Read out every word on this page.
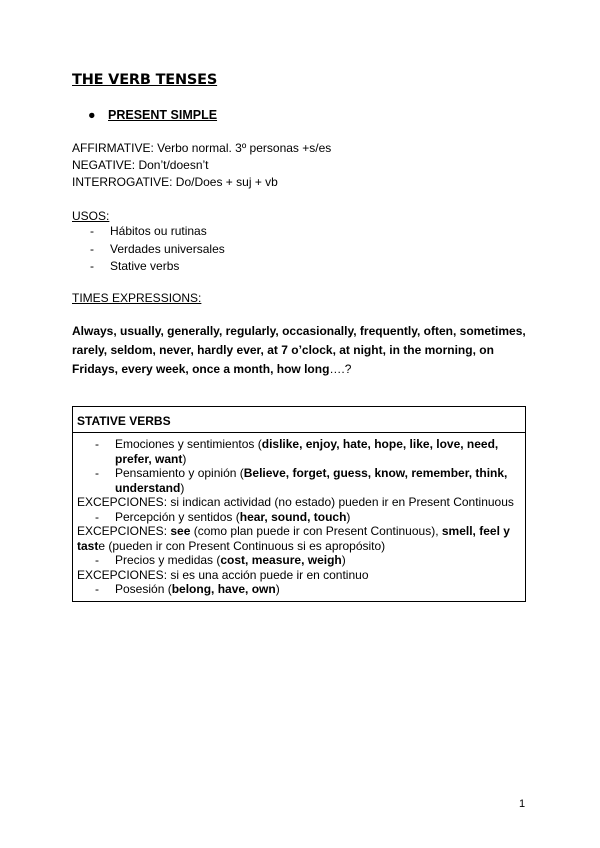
THE VERB TENSES
● PRESENT SIMPLE
AFFIRMATIVE: Verbo normal. 3º personas +s/es
NEGATIVE: Don’t/doesn’t
INTERROGATIVE: Do/Does + suj + vb
USOS:
- Hábitos ou rutinas
- Verdades universales
- Stative verbs
TIMES EXPRESSIONS:
Always, usually, generally, regularly, occasionally, frequently, often, sometimes, rarely, seldom, never, hardly ever, at 7 o’clock, at night, in the morning, on Fridays, every week, once a month, how long….?
STATIVE VERBS
- Emociones y sentimientos (dislike, enjoy, hate, hope, like, love, need, prefer, want)
- Pensamiento y opinión (Believe, forget, guess, know, remember, think, understand)
EXCEPCIONES: si indican actividad (no estado) pueden ir en Present Continuous
- Percepción y sentidos (hear, sound, touch)
EXCEPCIONES: see (como plan puede ir con Present Continuous), smell, feel y taste (pueden ir con Present Continuous si es apropósito)
- Precios y medidas (cost, measure, weigh)
EXCEPCIONES: si es una acción puede ir en continuo
- Posesión (belong, have, own)
1
